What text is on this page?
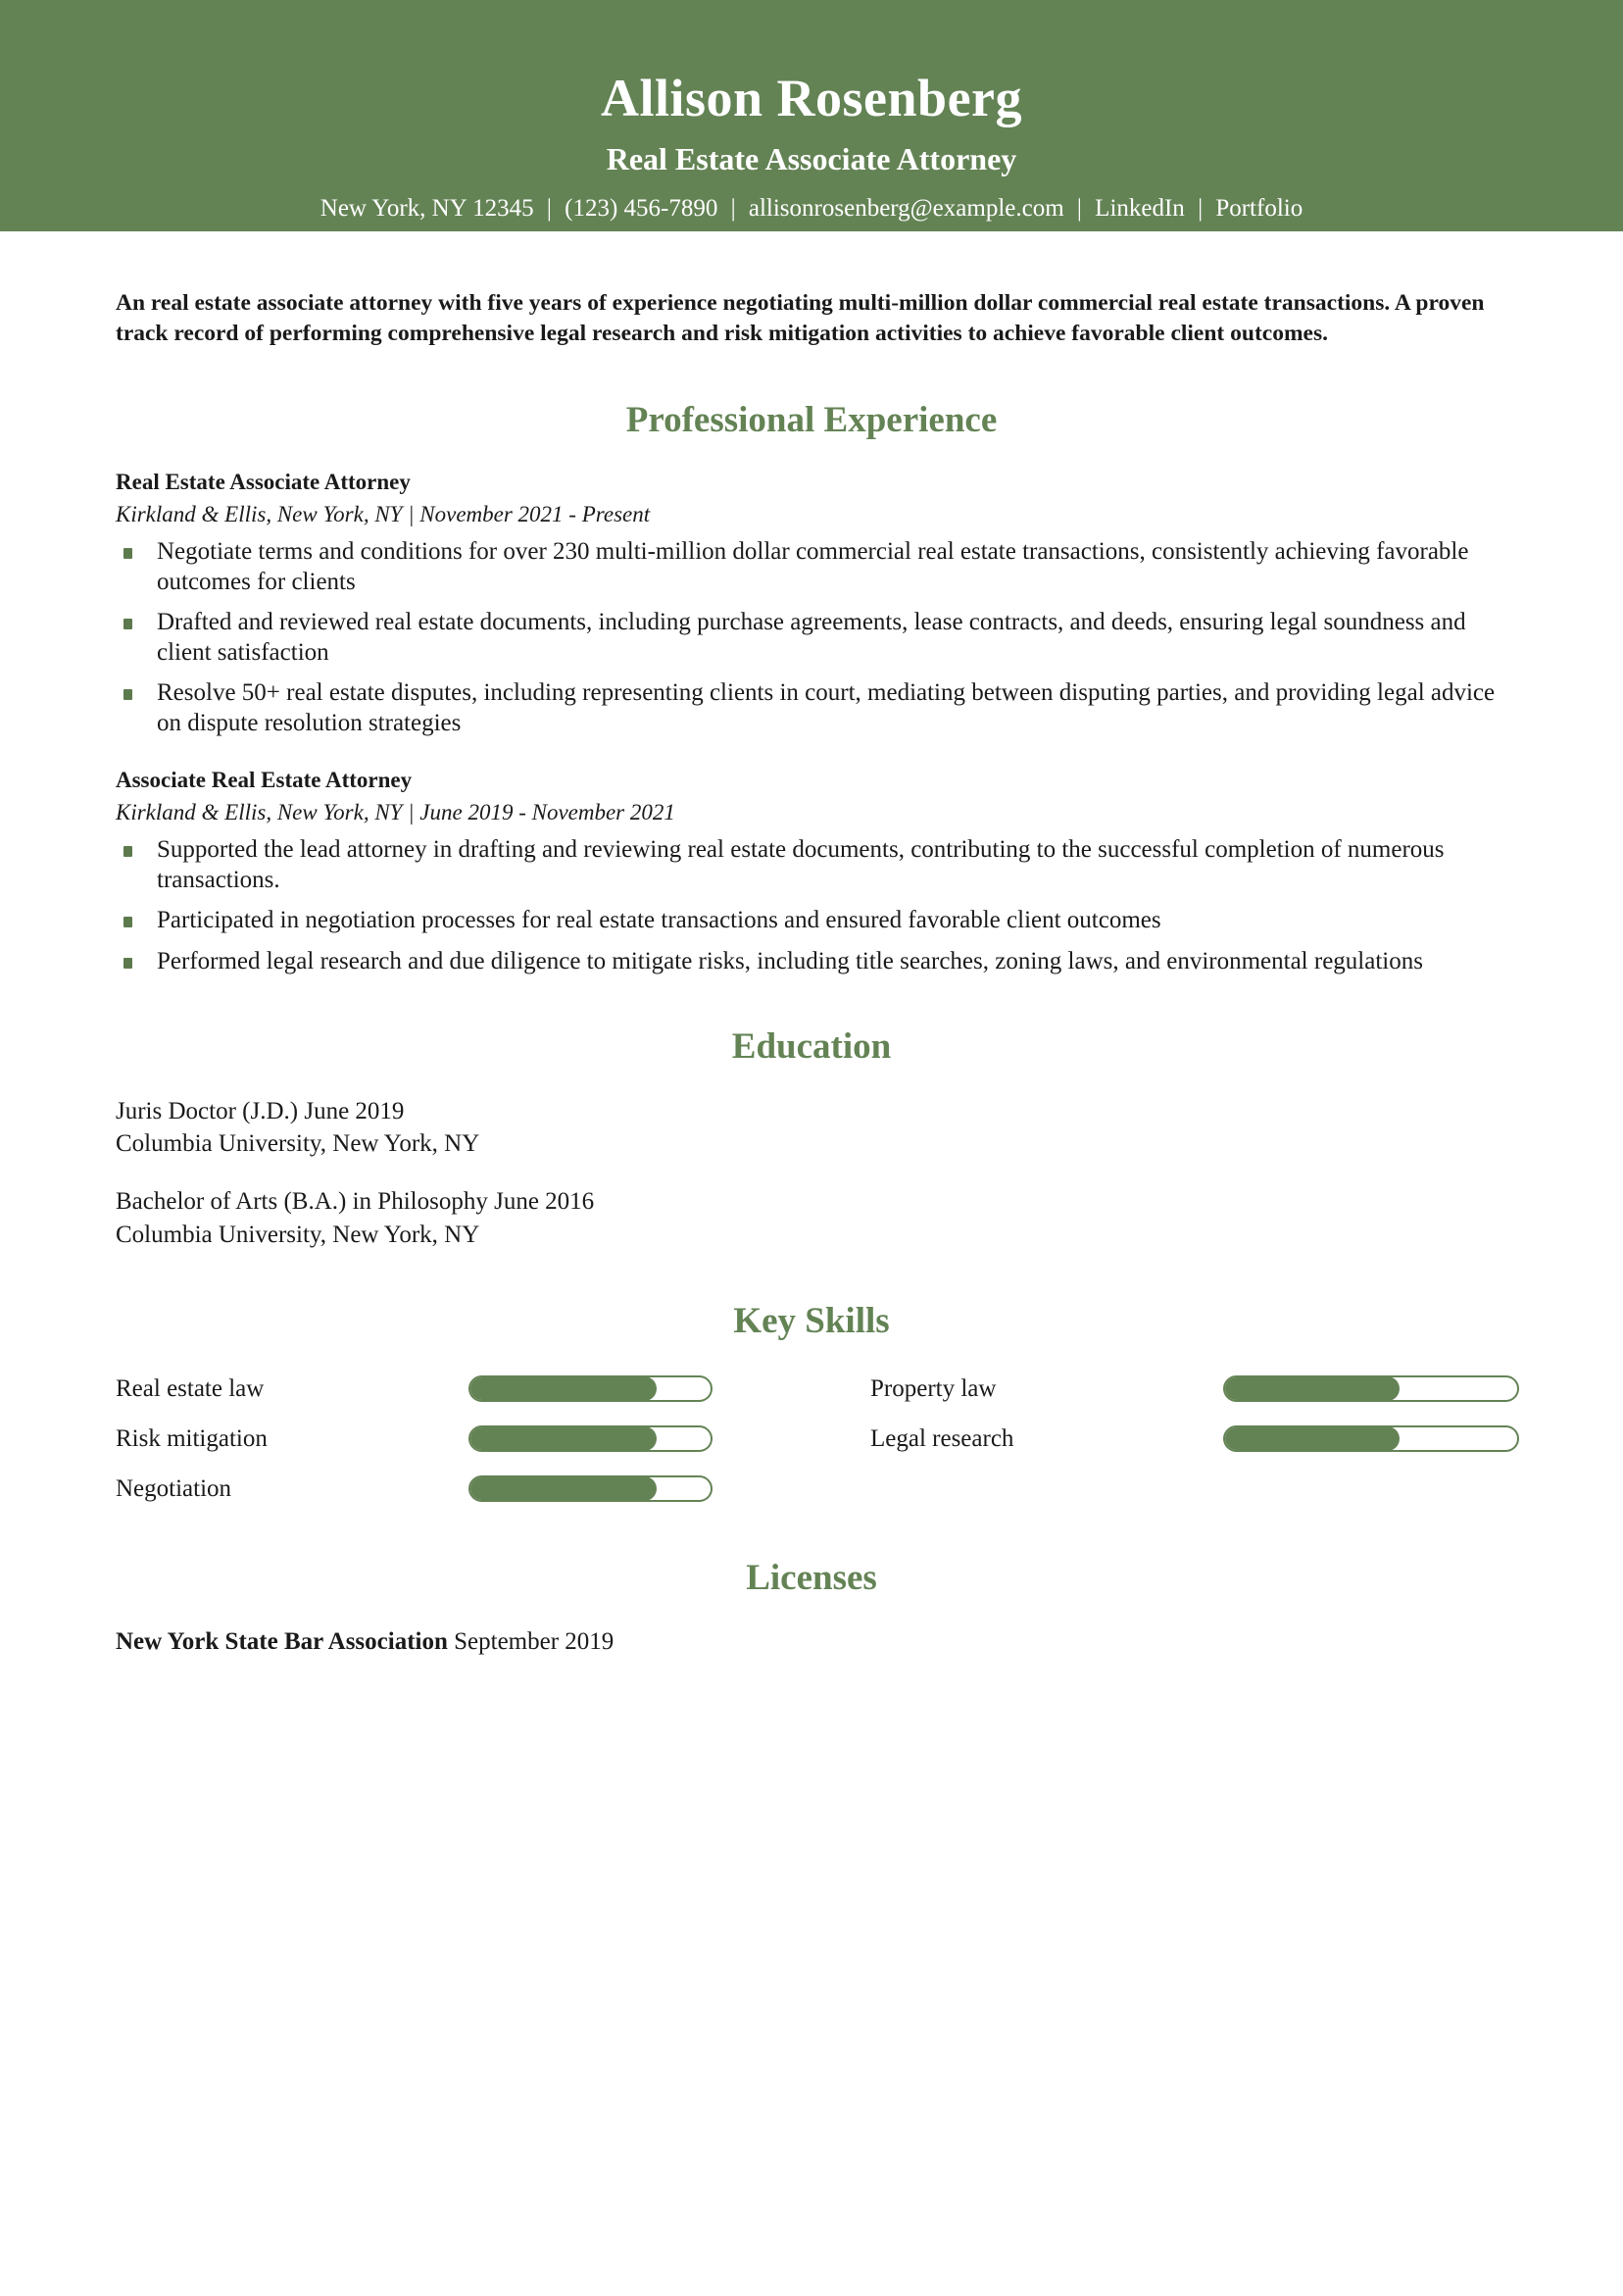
Allison Rosenberg
Real Estate Associate Attorney
New York, NY 12345 | (123) 456-7890 | allisonrosenberg@example.com | LinkedIn | Portfolio
An real estate associate attorney with five years of experience negotiating multi-million dollar commercial real estate transactions. A proven track record of performing comprehensive legal research and risk mitigation activities to achieve favorable client outcomes.
Professional Experience
Real Estate Associate Attorney
Kirkland & Ellis, New York, NY | November 2021 - Present
Negotiate terms and conditions for over 230 multi-million dollar commercial real estate transactions, consistently achieving favorable outcomes for clients
Drafted and reviewed real estate documents, including purchase agreements, lease contracts, and deeds, ensuring legal soundness and client satisfaction
Resolve 50+ real estate disputes, including representing clients in court, mediating between disputing parties, and providing legal advice on dispute resolution strategies
Associate Real Estate Attorney
Kirkland & Ellis, New York, NY | June 2019 - November 2021
Supported the lead attorney in drafting and reviewing real estate documents, contributing to the successful completion of numerous transactions.
Participated in negotiation processes for real estate transactions and ensured favorable client outcomes
Performed legal research and due diligence to mitigate risks, including title searches, zoning laws, and environmental regulations
Education
Juris Doctor (J.D.) June 2019
Columbia University, New York, NY
Bachelor of Arts (B.A.) in Philosophy June 2016
Columbia University, New York, NY
Key Skills
Real estate law	Property law
Risk mitigation	Legal research
Negotiation
Licenses
New York State Bar Association September 2019
